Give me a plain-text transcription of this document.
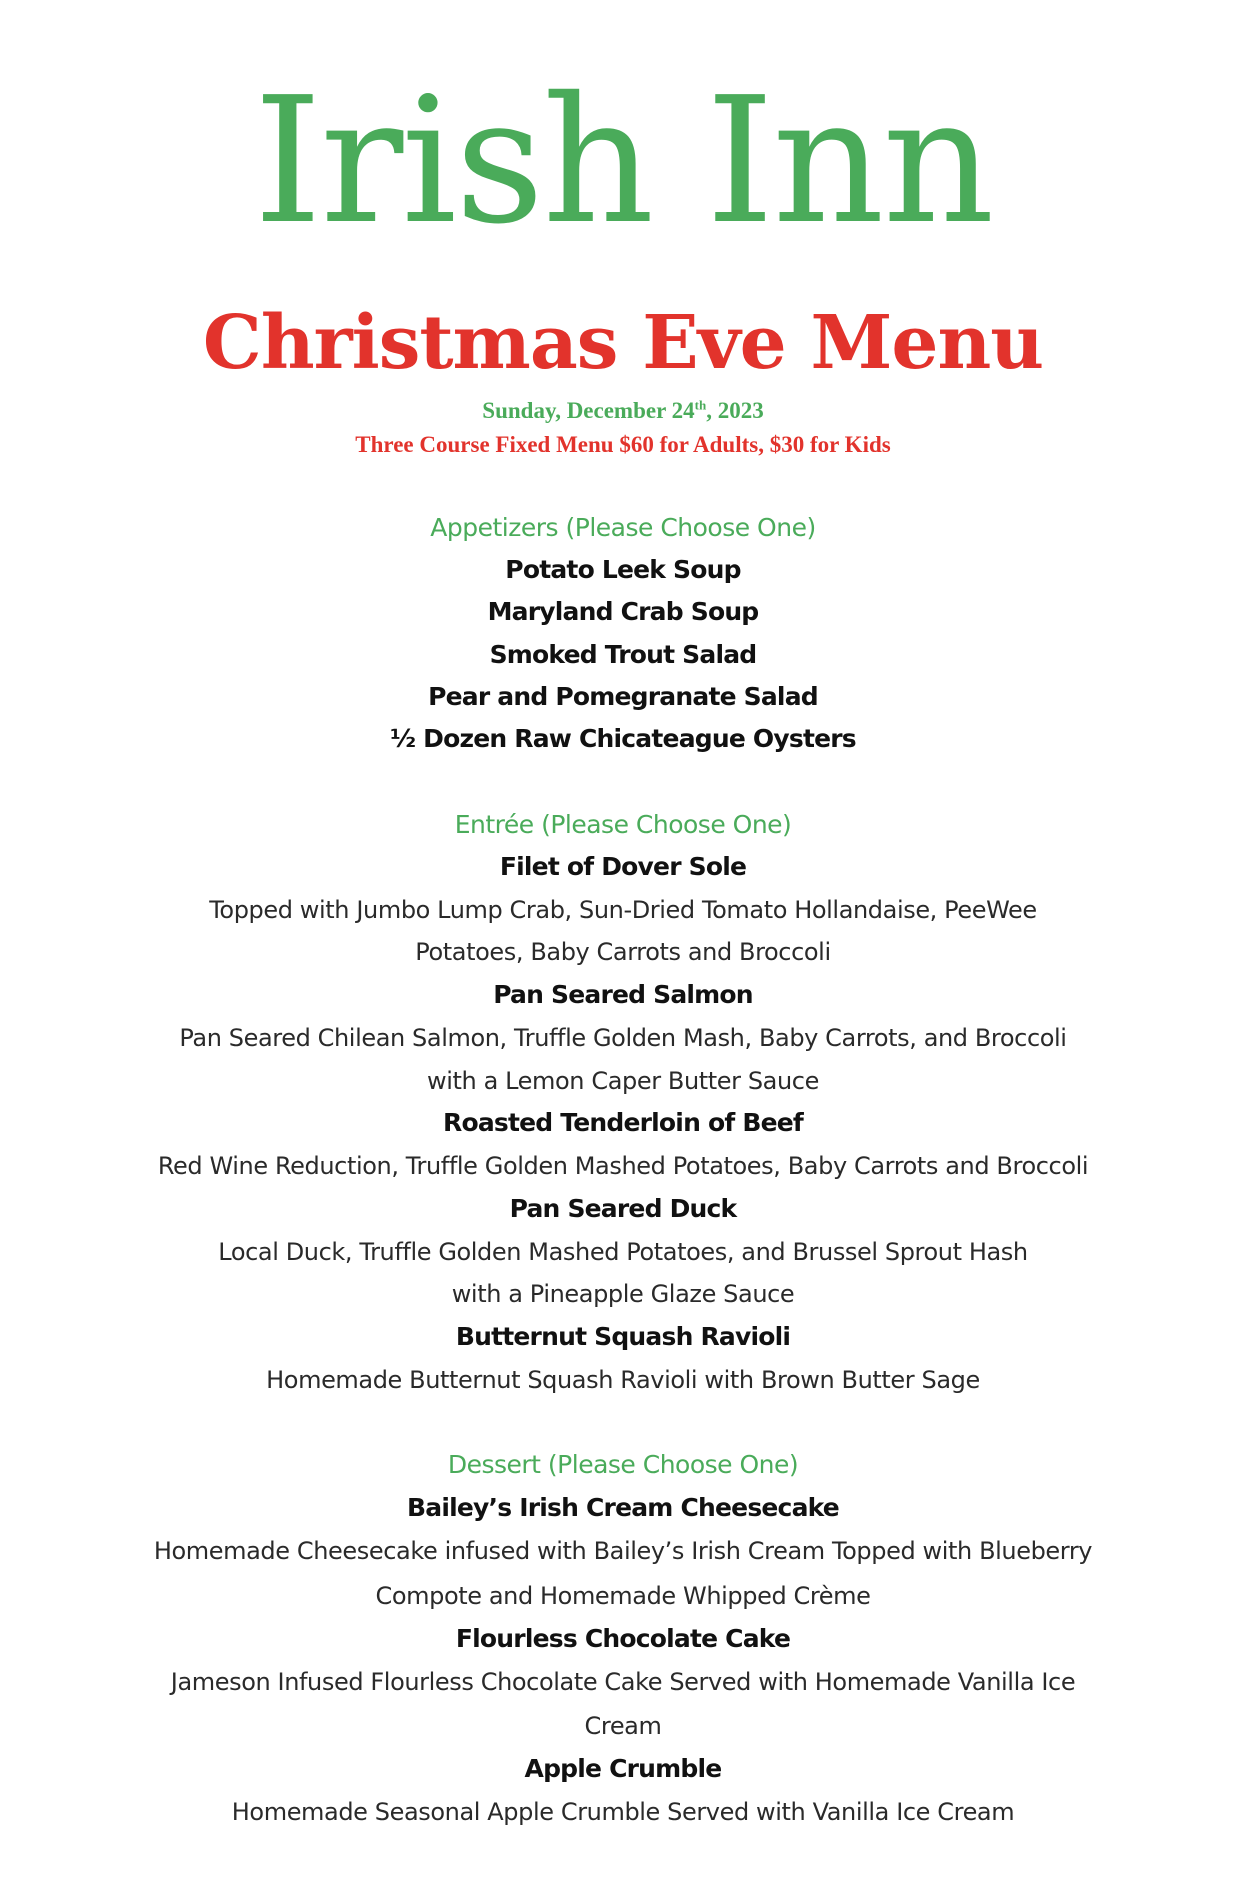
Irish Inn
Christmas Eve Menu
Sunday, December 24th, 2023
Three Course Fixed Menu $60 for Adults, $30 for Kids
Appetizers (Please Choose One)
Potato Leek Soup
Maryland Crab Soup
Smoked Trout Salad
Pear and Pomegranate Salad
½ Dozen Raw Chicateague Oysters
Entrée (Please Choose One)
Filet of Dover Sole
Topped with Jumbo Lump Crab, Sun-Dried Tomato Hollandaise, PeeWee
Potatoes, Baby Carrots and Broccoli
Pan Seared Salmon
Pan Seared Chilean Salmon, Truffle Golden Mash, Baby Carrots, and Broccoli
with a Lemon Caper Butter Sauce
Roasted Tenderloin of Beef
Red Wine Reduction, Truffle Golden Mashed Potatoes, Baby Carrots and Broccoli
Pan Seared Duck
Local Duck, Truffle Golden Mashed Potatoes, and Brussel Sprout Hash
with a Pineapple Glaze Sauce
Butternut Squash Ravioli
Homemade Butternut Squash Ravioli with Brown Butter Sage
Dessert (Please Choose One)
Bailey’s Irish Cream Cheesecake
Homemade Cheesecake infused with Bailey’s Irish Cream Topped with Blueberry
Compote and Homemade Whipped Crème
Flourless Chocolate Cake
Jameson Infused Flourless Chocolate Cake Served with Homemade Vanilla Ice
Cream
Apple Crumble
Homemade Seasonal Apple Crumble Served with Vanilla Ice Cream
